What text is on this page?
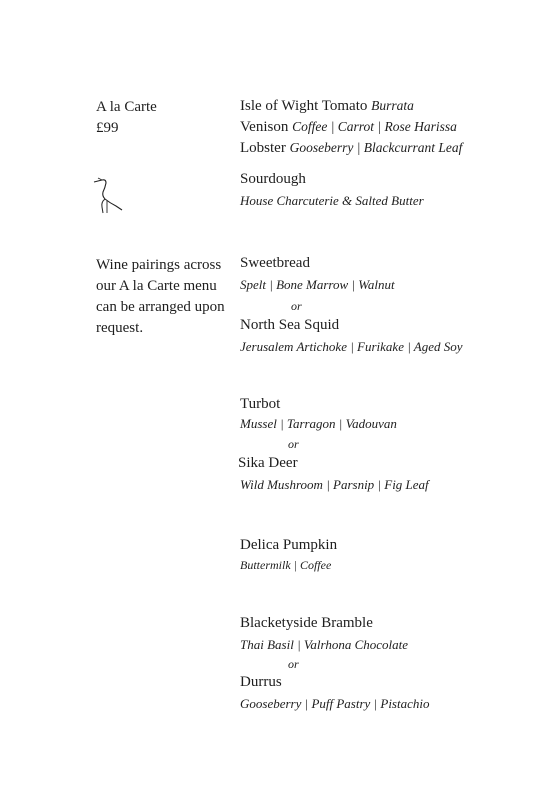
A la Carte
£99
Wine pairings across
our A la Carte menu
can be arranged upon
request.
Isle of Wight Tomato Burrata
Venison Coffee | Carrot | Rose Harissa
Lobster Gooseberry | Blackcurrant Leaf
Sourdough
House Charcuterie & Salted Butter
Sweetbread
Spelt | Bone Marrow | Walnut
or
North Sea Squid
Jerusalem Artichoke | Furikake | Aged Soy
Turbot
Mussel | Tarragon | Vadouvan
or
Sika Deer
Wild Mushroom | Parsnip | Fig Leaf
Delica Pumpkin
Buttermilk | Coffee
Blacketyside Bramble
Thai Basil | Valrhona Chocolate
or
Durrus
Gooseberry | Puff Pastry | Pistachio
